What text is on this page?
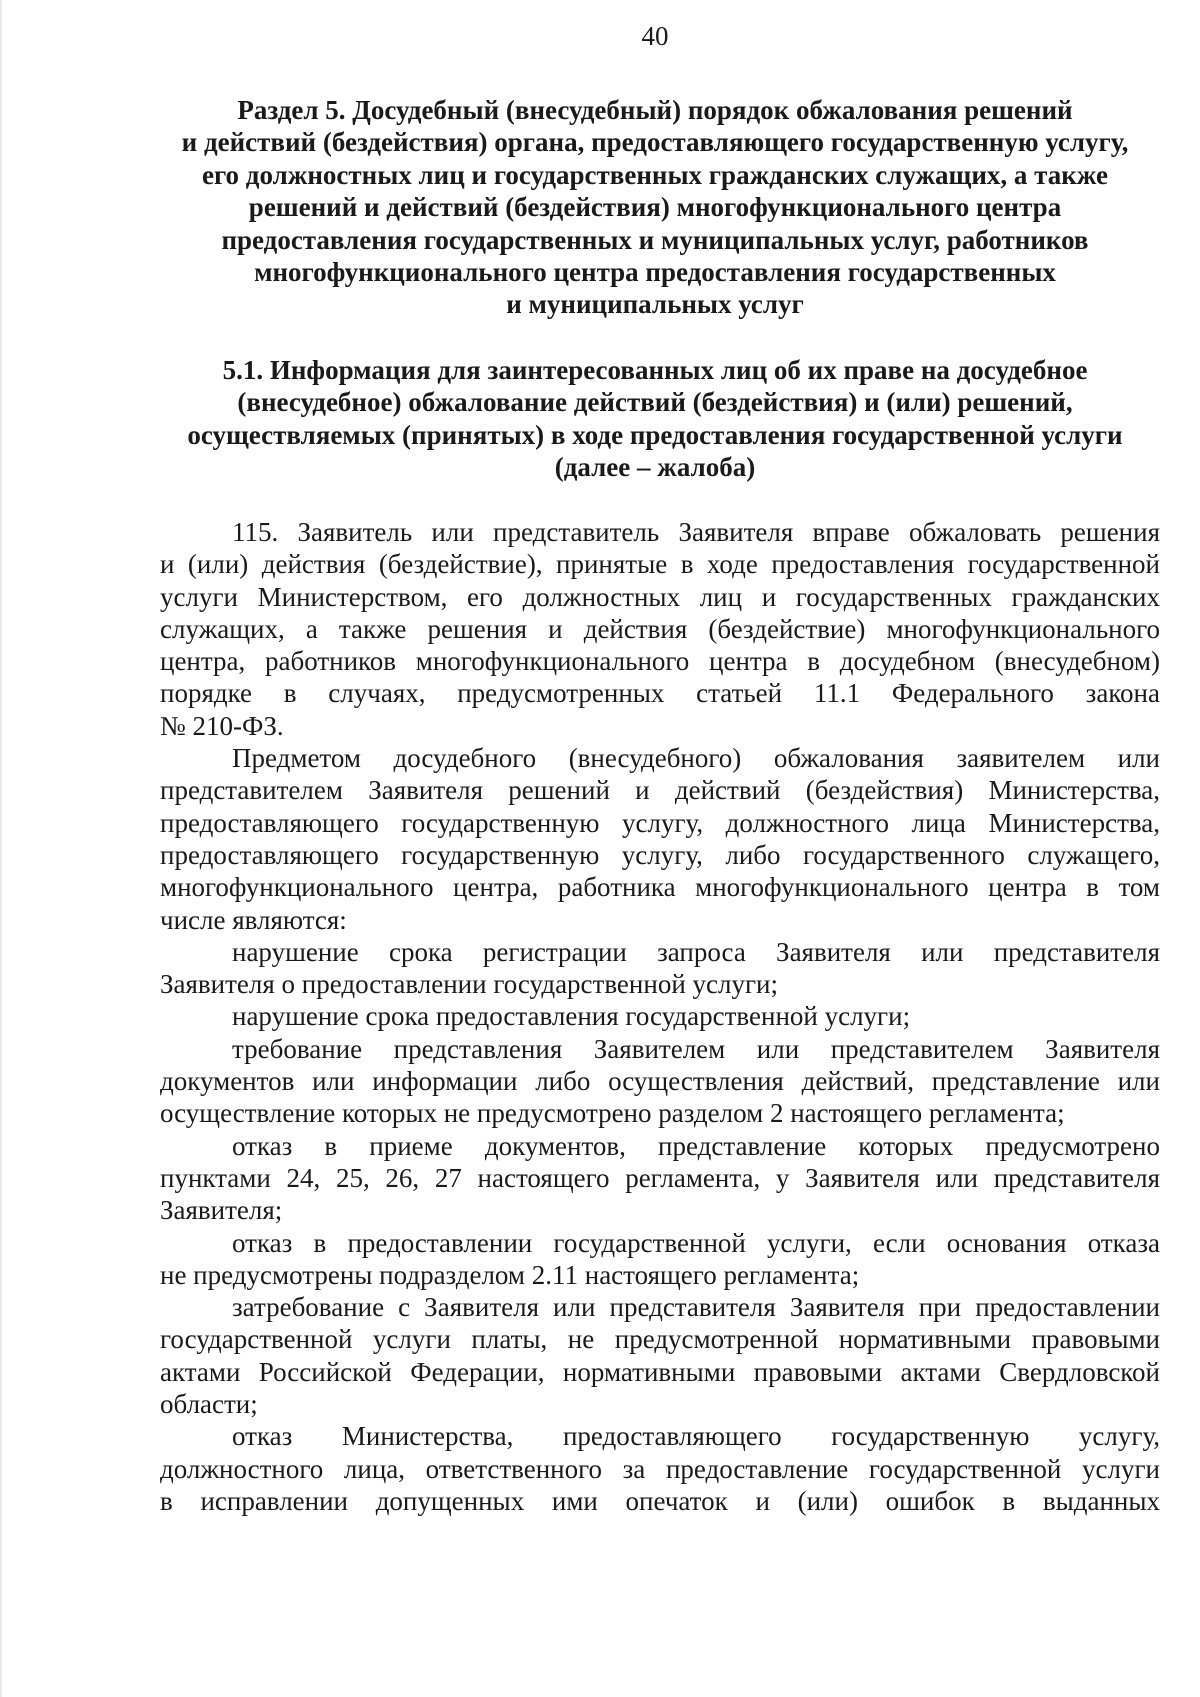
40
Раздел 5. Досудебный (внесудебный) порядок обжалования решений
и действий (бездействия) органа, предоставляющего государственную услугу,
его должностных лиц и государственных гражданских служащих, а также
решений и действий (бездействия) многофункционального центра
предоставления государственных и муниципальных услуг, работников
многофункционального центра предоставления государственных
и муниципальных услуг
5.1. Информация для заинтересованных лиц об их праве на досудебное
(внесудебное) обжалование действий (бездействия) и (или) решений,
осуществляемых (принятых) в ходе предоставления государственной услуги
(далее – жалоба)
115. Заявитель или представитель Заявителя вправе обжаловать решения
и (или) действия (бездействие), принятые в ходе предоставления государственной
услуги Министерством, его должностных лиц и государственных гражданских
служащих, а также решения и действия (бездействие) многофункционального
центра, работников многофункционального центра в досудебном (внесудебном)
порядке в случаях, предусмотренных статьей 11.1 Федерального закона
№ 210-ФЗ.
Предметом досудебного (внесудебного) обжалования заявителем или
представителем Заявителя решений и действий (бездействия) Министерства,
предоставляющего государственную услугу, должностного лица Министерства,
предоставляющего государственную услугу, либо государственного служащего,
многофункционального центра, работника многофункционального центра в том
числе являются:
нарушение срока регистрации запроса Заявителя или представителя
Заявителя о предоставлении государственной услуги;
нарушение срока предоставления государственной услуги;
требование представления Заявителем или представителем Заявителя
документов или информации либо осуществления действий, представление или
осуществление которых не предусмотрено разделом 2 настоящего регламента;
отказ в приеме документов, представление которых предусмотрено
пунктами 24, 25, 26, 27 настоящего регламента, у Заявителя или представителя
Заявителя;
отказ в предоставлении государственной услуги, если основания отказа
не предусмотрены подразделом 2.11 настоящего регламента;
затребование с Заявителя или представителя Заявителя при предоставлении
государственной услуги платы, не предусмотренной нормативными правовыми
актами Российской Федерации, нормативными правовыми актами Свердловской
области;
отказ Министерства, предоставляющего государственную услугу,
должностного лица, ответственного за предоставление государственной услуги
в исправлении допущенных ими опечаток и (или) ошибок в выданных
